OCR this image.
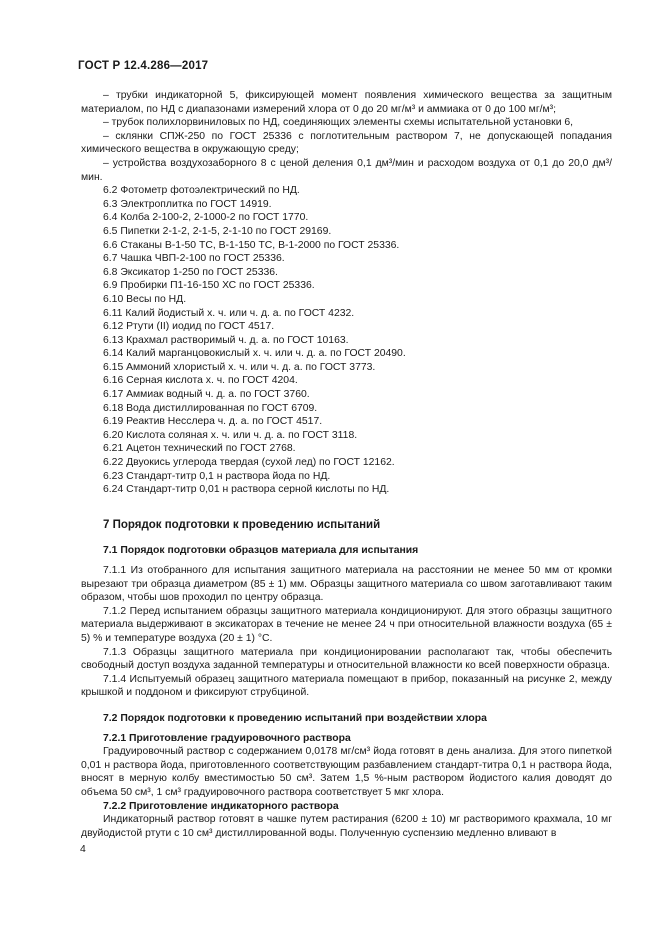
ГОСТ Р 12.4.286—2017

– трубки индикаторной 5, фиксирующей момент появления химического вещества за защитным материалом, по НД с диапазонами измерений хлора от 0 до 20 мг/м³ и аммиака от 0 до 100 мг/м³;

– трубок полихлорвиниловых по НД, соединяющих элементы схемы испытательной установки 6,

– склянки СПЖ-250 по ГОСТ 25336 с поглотительным раствором 7, не допускающей попадания химического вещества в окружающую среду;

– устройства воздухозаборного 8 с ценой деления 0,1 дм³/мин и расходом воздуха от 0,1 до 20,0 дм³/мин.

6.2 Фотометр фотоэлектрический по НД.
6.3 Электроплитка по ГОСТ 14919.
6.4 Колба 2-100-2, 2-1000-2 по ГОСТ 1770.
6.5 Пипетки 2-1-2, 2-1-5, 2-1-10 по ГОСТ 29169.
6.6 Стаканы В-1-50 ТС, В-1-150 ТС, В-1-2000 по ГОСТ 25336.
6.7 Чашка ЧВП-2-100 по ГОСТ 25336.
6.8 Эксикатор 1-250 по ГОСТ 25336.
6.9 Пробирки П1-16-150 ХС по ГОСТ 25336.
6.10 Весы по НД.
6.11 Калий йодистый х. ч. или ч. д. а. по ГОСТ 4232.
6.12 Ртути (II) иодид по ГОСТ 4517.
6.13 Крахмал растворимый ч. д. а. по ГОСТ 10163.
6.14 Калий марганцовокислый х. ч. или ч. д. а. по ГОСТ 20490.
6.15 Аммоний хлористый х. ч. или ч. д. а. по ГОСТ 3773.
6.16 Серная кислота х. ч. по ГОСТ 4204.
6.17 Аммиак водный ч. д. а. по ГОСТ 3760.
6.18 Вода дистиллированная по ГОСТ 6709.
6.19 Реактив Несслера ч. д. а. по ГОСТ 4517.
6.20 Кислота соляная х. ч. или ч. д. а. по ГОСТ 3118.
6.21 Ацетон технический по ГОСТ 2768.
6.22 Двуокись углерода твердая (сухой лед) по ГОСТ 12162.
6.23 Стандарт-титр 0,1 н раствора йода по НД.
6.24 Стандарт-титр 0,01 н раствора серной кислоты по НД.
7 Порядок подготовки к проведению испытаний
7.1 Порядок подготовки образцов материала для испытания

7.1.1 Из отобранного для испытания защитного материала на расстоянии не менее 50 мм от кромки вырезают три образца диаметром (85 ± 1) мм. Образцы защитного материала со швом заготавливают таким образом, чтобы шов проходил по центру образца.

7.1.2 Перед испытанием образцы защитного материала кондиционируют. Для этого образцы защитного материала выдерживают в эксикаторах в течение не менее 24 ч при относительной влажности воздуха (65 ± 5) % и температуре воздуха (20 ± 1) °С.

7.1.3 Образцы защитного материала при кондиционировании располагают так, чтобы обеспечить свободный доступ воздуха заданной температуры и относительной влажности ко всей поверхности образца.

7.1.4 Испытуемый образец защитного материала помещают в прибор, показанный на рисунке 2, между крышкой и поддоном и фиксируют струбциной.

7.2 Порядок подготовки к проведению испытаний при воздействии хлора
7.2.1 Приготовление градуировочного раствора

Градуировочный раствор с содержанием 0,0178 мг/см³ йода готовят в день анализа. Для этого пипеткой 0,01 н раствора йода, приготовленного соответствующим разбавлением стандарт-титра 0,1 н раствора йода, вносят в мерную колбу вместимостью 50 см³. Затем 1,5 %-ным раствором йодистого калия доводят до объема 50 см³, 1 см³ градуировочного раствора соответствует 5 мкг хлора.

7.2.2 Приготовление индикаторного раствора

Индикаторный раствор готовят в чашке путем растирания (6200 ± 10) мг растворимого крахмала, 10 мг двуйодистой ртути с 10 см³ дистиллированной воды. Полученную суспензию медленно вливают в

4
